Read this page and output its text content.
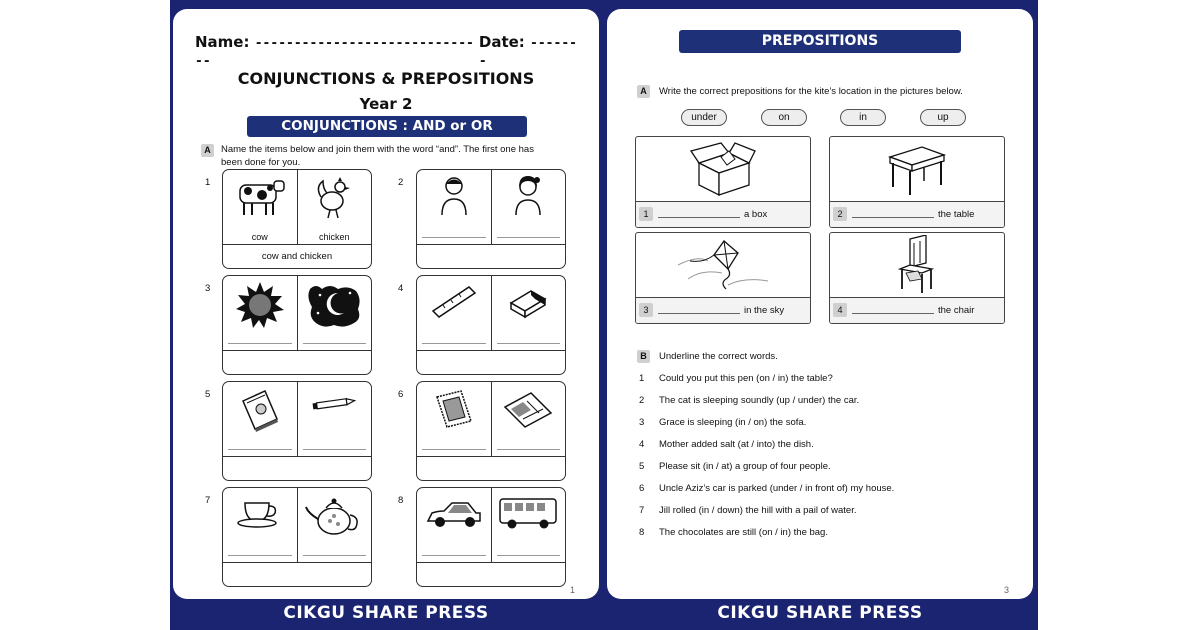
Name: ------------------------------
Date: -------
CONJUNCTIONS & PREPOSITIONS
Year 2
CONJUNCTIONS : AND or OR
A	Name the items below and join them with the word “and”. The first one has
been done for you.
1
cow	chicken
cow and chicken
2
3	4
5	6
7	8
1
PREPOSITIONS
A	Write the correct prepositions for the kite’s location in the pictures below.
under	on	in	up
1	a box	2	the table
3	in the sky	4	the chair
B	Underline the correct words.
1 Could you put this pen (on / in) the table?
2 The cat is sleeping soundly (up / under) the car.
3 Grace is sleeping (in / on) the sofa.
4 Mother added salt (at / into) the dish.
5 Please sit (in / at) a group of four people.
6 Uncle Aziz’s car is parked (under / in front of) my house.
7 Jill rolled (in / down) the hill with a pail of water.
8 The chocolates are still (on / in) the bag.
3
CIKGU SHARE PRESS	CIKGU SHARE PRESS
